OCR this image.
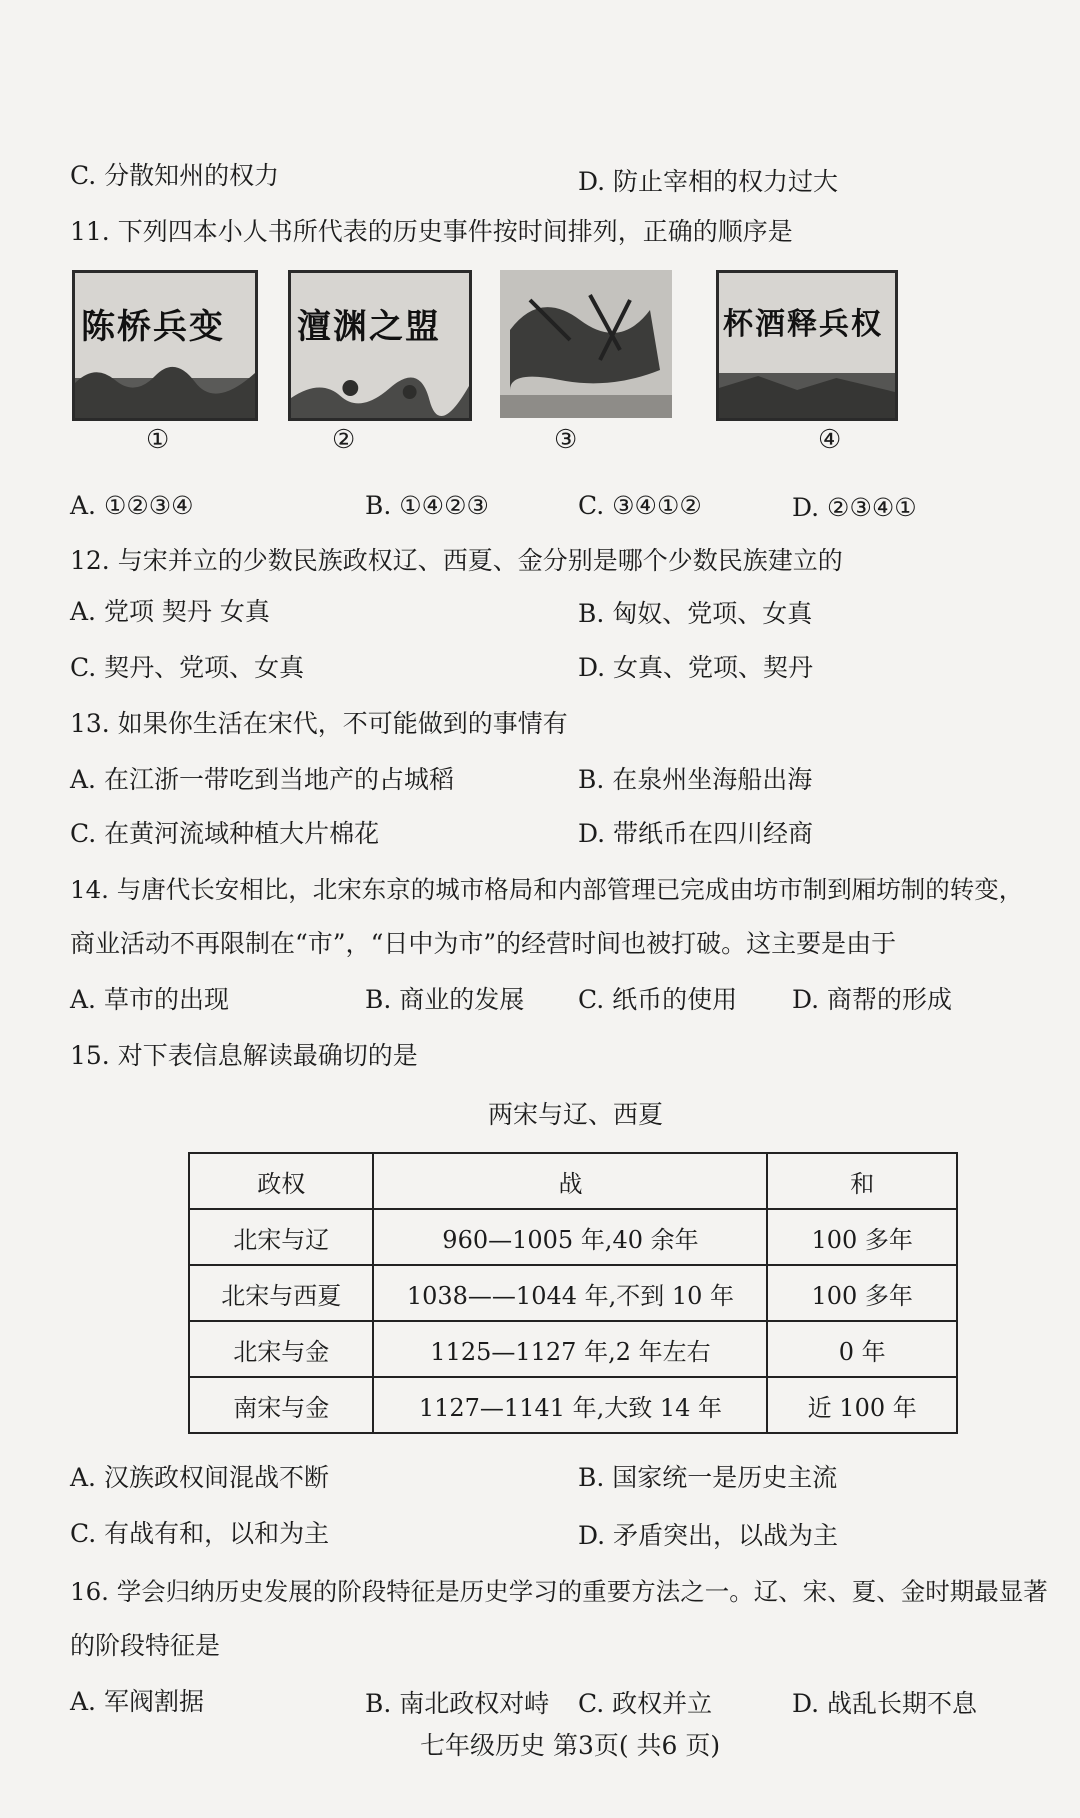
C. 分散知州的权力	D. 防止宰相的权力过大
11. 下列四本小人书所代表的历史事件按时间排列，正确的顺序是
陈桥兵变 澶渊之盟	杯酒释兵权
①	②	③	④
A. ①②③④	B. ①④②③	C. ③④①②	D. ②③④①
12. 与宋并立的少数民族政权辽、西夏、金分别是哪个少数民族建立的
A. 党项 契丹 女真	B. 匈奴、党项、女真
C. 契丹、党项、女真	D. 女真、党项、契丹
13. 如果你生活在宋代，不可能做到的事情有
A. 在江浙一带吃到当地产的占城稻	B. 在泉州坐海船出海
C. 在黄河流域种植大片棉花	D. 带纸币在四川经商
14. 与唐代长安相比，北宋东京的城市格局和内部管理已完成由坊市制到厢坊制的转变，
商业活动不再限制在“市”，“日中为市”的经营时间也被打破。这主要是由于
A. 草市的出现	B. 商业的发展 C. 纸币的使用 D. 商帮的形成
15. 对下表信息解读最确切的是
两宋与辽、西夏
政权	战	和
北宋与辽	960—1005 年,40 余年	100 多年
北宋与西夏	1038——1044 年,不到 10 年	100 多年
北宋与金	1125—1127 年,2 年左右	0 年
南宋与金	1127—1141 年,大致 14 年	近 100 年
A. 汉族政权间混战不断	B. 国家统一是历史主流
C. 有战有和，以和为主	D. 矛盾突出，以战为主
16. 学会归纳历史发展的阶段特征是历史学习的重要方法之一。辽、宋、夏、金时期最显著
的阶段特征是
A. 军阀割据	B. 南北政权对峙 C. 政权并立	D. 战乱长期不息
七年级历史 第3页( 共6 页)
